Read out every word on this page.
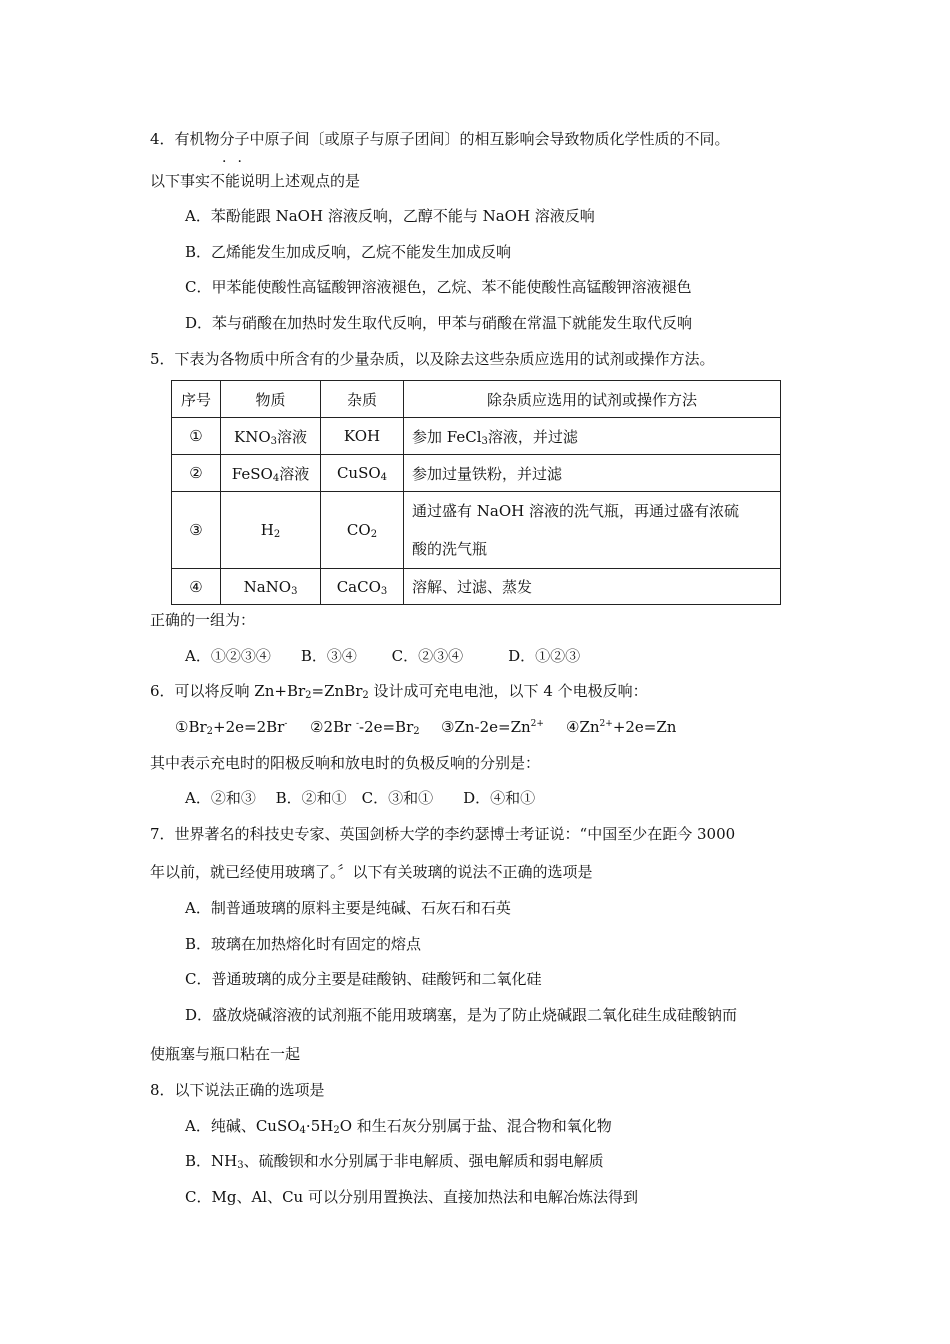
4．有机物分子中原子间〔或原子与原子团间〕的相互影响会导致物质化学性质的不同。
··
以下事实不能说明上述观点的是
A．苯酚能跟 NaOH 溶液反响，乙醇不能与 NaOH 溶液反响
B．乙烯能发生加成反响，乙烷不能发生加成反响
C．甲苯能使酸性高锰酸钾溶液褪色，乙烷、苯不能使酸性高锰酸钾溶液褪色
D．苯与硝酸在加热时发生取代反响，甲苯与硝酸在常温下就能发生取代反响
5．下表为各物质中所含有的少量杂质，以及除去这些杂质应选用的试剂或操作方法。
序号	物质	杂质	除杂质应选用的试剂或操作方法
①	$KNO_3$溶液	KOH	参加 FeCl$_3$溶液，并过滤
②	FeSO$_4$溶液	CuSO$_4$	参加过量铁粉，并过滤
③	$H_2$	$CO_2$	通过盛有 NaOH 溶液的洗气瓶，再通过盛有浓硫
酸的洗气瓶

④	NaNO$_3$	CaCO$_3$	溶解、过滤、蒸发
正确的一组为：
A．①②③④　　B．③④　　 C．②③④　　　D．①②③
6．可以将反响 $Zn+Br_2=ZnBr_2$ 设计成可充电电池，以下 4 个电极反响：
$①Br_2+2e=2Br^-$ ②2Br $^--2e=Br_2$ ③Zn-$2e=Zn^{2+}$ $④Zn^{2+}+2e=Zn$
其中表示充电时的阳极反响和放电时的负极反响的分别是：
A．②和③　 B．②和①　C．③和①　　D．④和①
7．世界著名的科技史专家、英国剑桥大学的李约瑟博士考证说：“中国至少在距今 3000
年以前，就已经使用玻璃了。〞以下有关玻璃的说法不正确的选项是
A．制普通玻璃的原料主要是纯碱、石灰石和石英
B．玻璃在加热熔化时有固定的熔点
C．普通玻璃的成分主要是硅酸钠、硅酸钙和二氧化硅
D．盛放烧碱溶液的试剂瓶不能用玻璃塞，是为了防止烧碱跟二氧化硅生成硅酸钠而
使瓶塞与瓶口粘在一起
8．以下说法正确的选项是
A．纯碱、$CuSO_4\cdot 5H_2O$ 和生石灰分别属于盐、混合物和氧化物
B．$NH_3$、硫酸钡和水分别属于非电解质、强电解质和弱电解质
C．Mg、Al、Cu 可以分别用置换法、直接加热法和电解冶炼法得到
